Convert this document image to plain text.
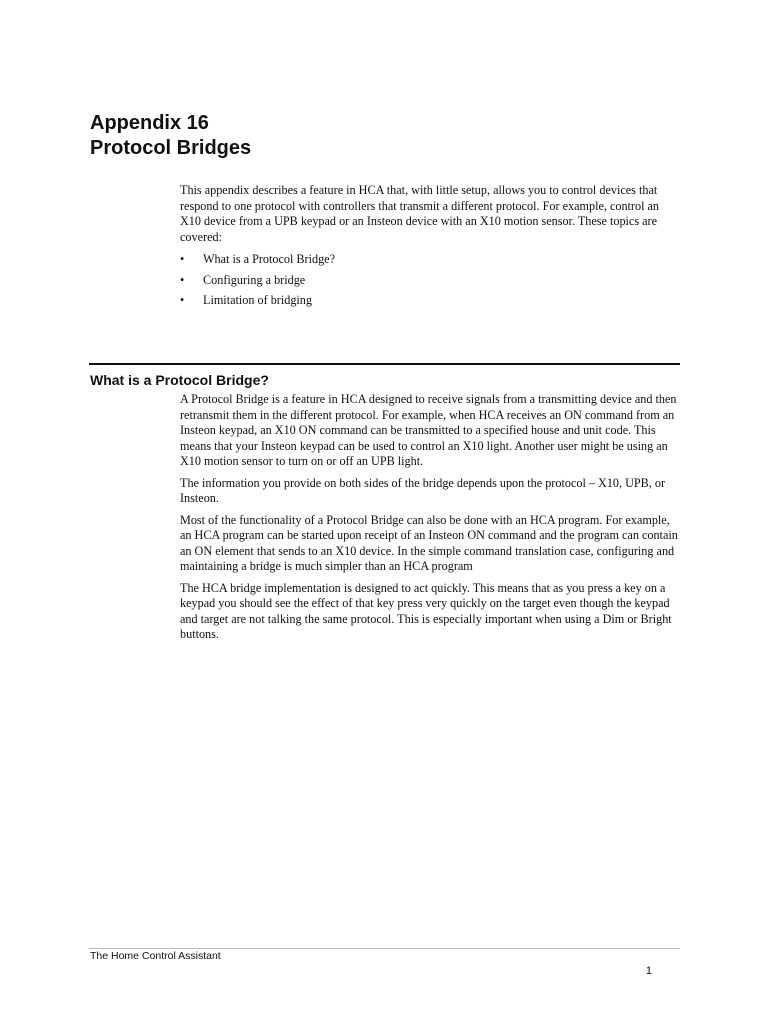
Appendix 16
Protocol Bridges

This appendix describes a feature in HCA that, with little setup, allows you to control devices that respond to one protocol with controllers that transmit a different protocol. For example, control an X10 device from a UPB keypad or an Insteon device with an X10 motion sensor. These topics are covered:

• What is a Protocol Bridge?
• Configuring a bridge
• Limitation of bridging
What is a Protocol Bridge?

A Protocol Bridge is a feature in HCA designed to receive signals from a transmitting device and then retransmit them in the different protocol. For example, when HCA receives an ON command from an Insteon keypad, an X10 ON command can be transmitted to a specified house and unit code. This means that your Insteon keypad can be used to control an X10 light. Another user might be using an X10 motion sensor to turn on or off an UPB light.

The information you provide on both sides of the bridge depends upon the protocol – X10, UPB, or Insteon.

Most of the functionality of a Protocol Bridge can also be done with an HCA program. For example, an HCA program can be started upon receipt of an Insteon ON command and the program can contain an ON element that sends to an X10 device. In the simple command translation case, configuring and maintaining a bridge is much simpler than an HCA program

The HCA bridge implementation is designed to act quickly. This means that as you press a key on a keypad you should see the effect of that key press very quickly on the target even though the keypad and target are not talking the same protocol. This is especially important when using a Dim or Bright buttons.

The Home Control Assistant
1
